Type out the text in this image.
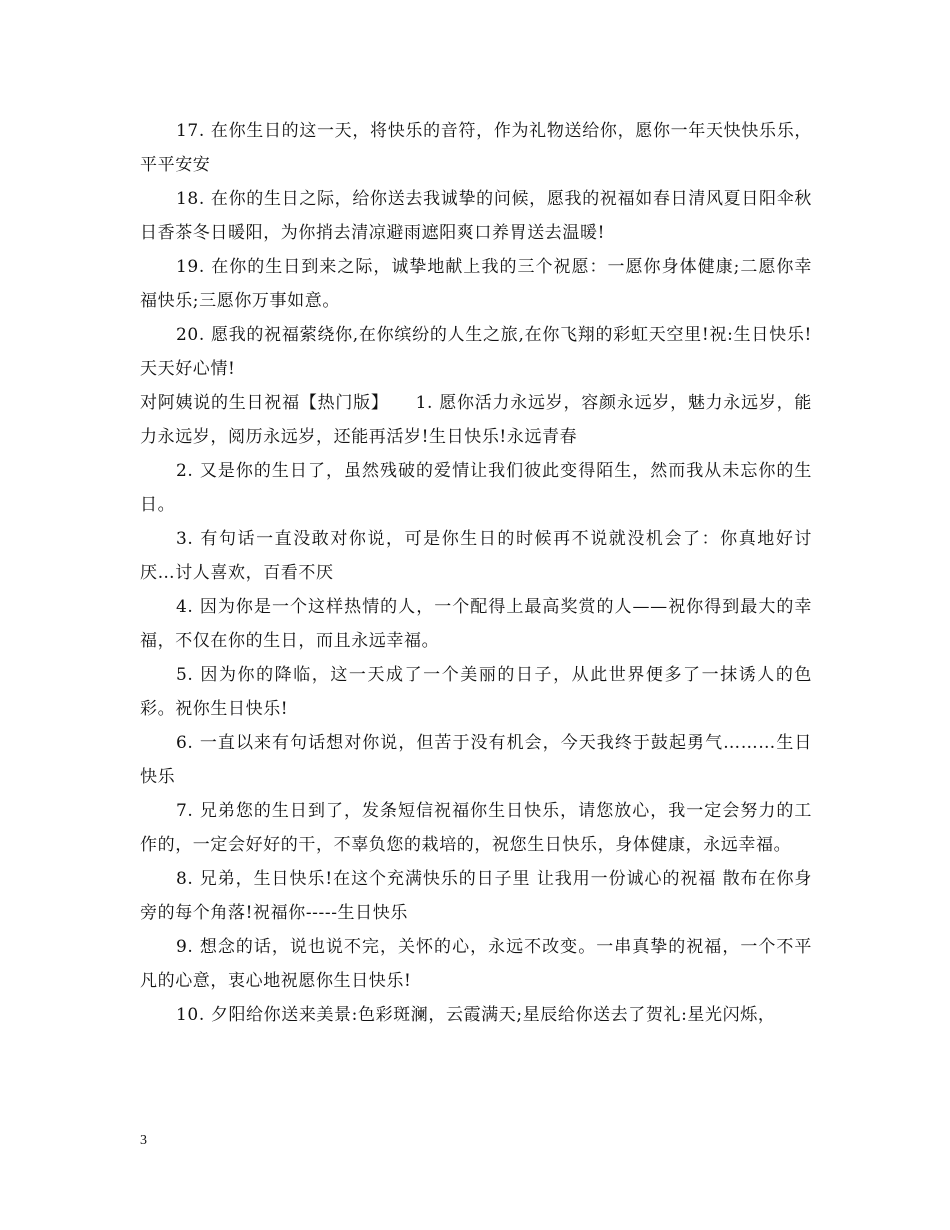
17. 在你生日的这一天，将快乐的音符，作为礼物送给你，愿你一年天快快乐乐，平平安安

18. 在你的生日之际，给你送去我诚挚的问候，愿我的祝福如春日清风夏日阳伞秋日香茶冬日暖阳，为你捎去清凉避雨遮阳爽口养胃送去温暖!

19. 在你的生日到来之际，诚挚地献上我的三个祝愿：一愿你身体健康;二愿你幸福快乐;三愿你万事如意。

20. 愿我的祝福萦绕你,在你缤纷的人生之旅,在你飞翔的彩虹天空里!祝:生日快乐!天天好心情!

对阿姨说的生日祝福【热门版】　　1. 愿你活力永远岁，容颜永远岁，魅力永远岁，能力永远岁，阅历永远岁，还能再活岁!生日快乐!永远青春

2. 又是你的生日了，虽然残破的爱情让我们彼此变得陌生，然而我从未忘你的生日。

3. 有句话一直没敢对你说，可是你生日的时候再不说就没机会了：你真地好讨厌…讨人喜欢，百看不厌

4. 因为你是一个这样热情的人，一个配得上最高奖赏的人——祝你得到最大的幸福，不仅在你的生日，而且永远幸福。

5. 因为你的降临，这一天成了一个美丽的日子，从此世界便多了一抹诱人的色彩。祝你生日快乐!

6. 一直以来有句话想对你说，但苦于没有机会，今天我终于鼓起勇气………生日快乐

7. 兄弟您的生日到了，发条短信祝福你生日快乐，请您放心，我一定会努力的工作的，一定会好好的干，不辜负您的栽培的，祝您生日快乐，身体健康，永远幸福。

8. 兄弟，生日快乐!在这个充满快乐的日子里 让我用一份诚心的祝福 散布在你身旁的每个角落!祝福你-----生日快乐

9. 想念的话，说也说不完，关怀的心，永远不改变。一串真挚的祝福，一个不平凡的心意，衷心地祝愿你生日快乐!

10. 夕阳给你送来美景:色彩斑澜，云霞满天;星辰给你送去了贺礼:星光闪烁，

3
